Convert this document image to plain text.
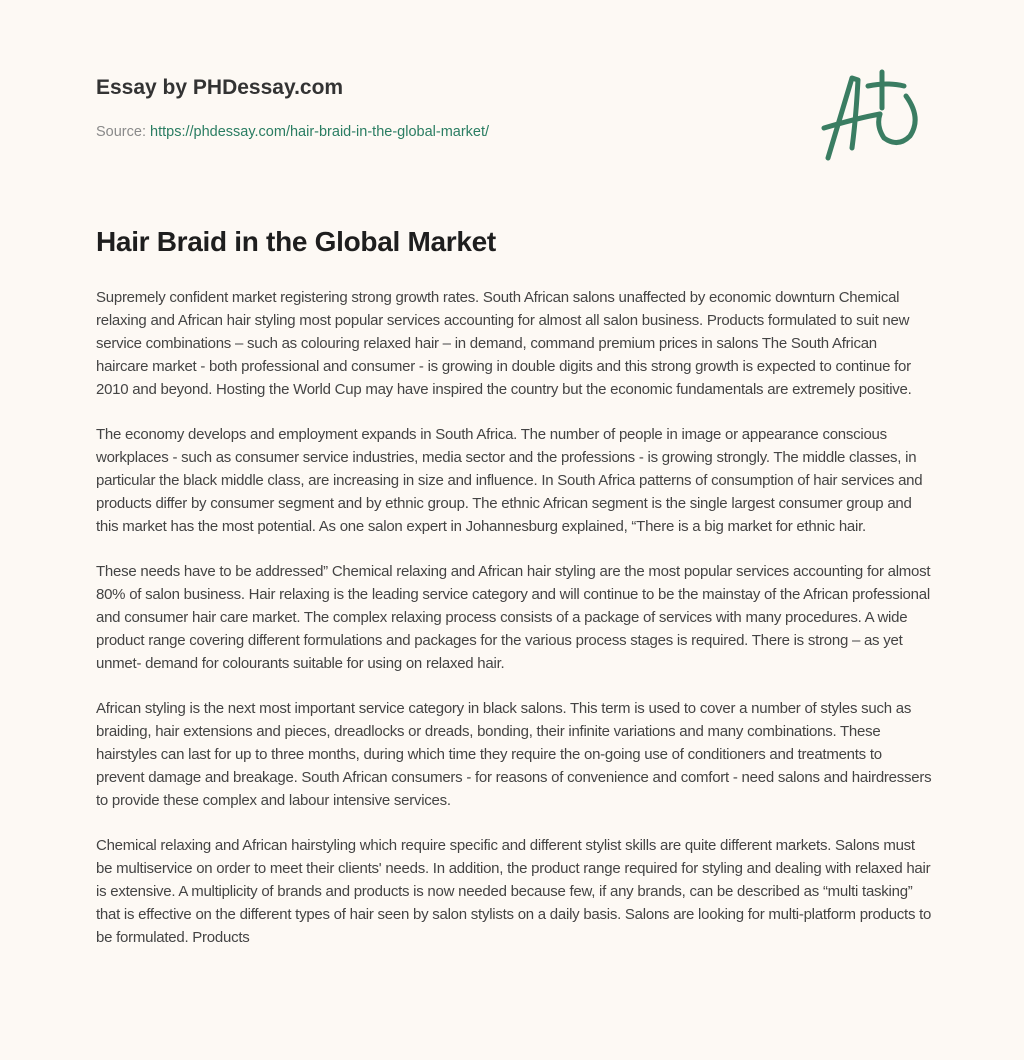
Essay by PHDessay.com
Source: https://phdessay.com/hair-braid-in-the-global-market/
Hair Braid in the Global Market

Supremely confident market registering strong growth rates. South African salons unaffected by economic downturn Chemical relaxing and African hair styling most popular services accounting for almost all salon business. Products formulated to suit new service combinations – such as colouring relaxed hair – in demand, command premium prices in salons The South African haircare market - both professional and consumer - is growing in double digits and this strong growth is expected to continue for 2010 and beyond. Hosting the World Cup may have inspired the country but the economic fundamentals are extremely positive.

The economy develops and employment expands in South Africa. The number of people in image or appearance conscious workplaces - such as consumer service industries, media sector and the professions - is growing strongly. The middle classes, in particular the black middle class, are increasing in size and influence. In South Africa patterns of consumption of hair services and products differ by consumer segment and by ethnic group. The ethnic African segment is the single largest consumer group and this market has the most potential. As one salon expert in Johannesburg explained, “There is a big market for ethnic hair.

These needs have to be addressed” Chemical relaxing and African hair styling are the most popular services accounting for almost 80% of salon business. Hair relaxing is the leading service category and will continue to be the mainstay of the African professional and consumer hair care market. The complex relaxing process consists of a package of services with many procedures. A wide product range covering different formulations and packages for the various process stages is required. There is strong – as yet unmet- demand for colourants suitable for using on relaxed hair.

African styling is the next most important service category in black salons. This term is used to cover a number of styles such as braiding, hair extensions and pieces, dreadlocks or dreads, bonding, their infinite variations and many combinations. These hairstyles can last for up to three months, during which time they require the on-going use of conditioners and treatments to prevent damage and breakage. South African consumers - for reasons of convenience and comfort - need salons and hairdressers to provide these complex and labour intensive services.

Chemical relaxing and African hairstyling which require specific and different stylist skills are quite different markets. Salons must be multiservice on order to meet their clients' needs. In addition, the product range required for styling and dealing with relaxed hair is extensive. A multiplicity of brands and products is now needed because few, if any brands, can be described as “multi tasking” that is effective on the different types of hair seen by salon stylists on a daily basis. Salons are looking for multi-platform products to be formulated. Products
